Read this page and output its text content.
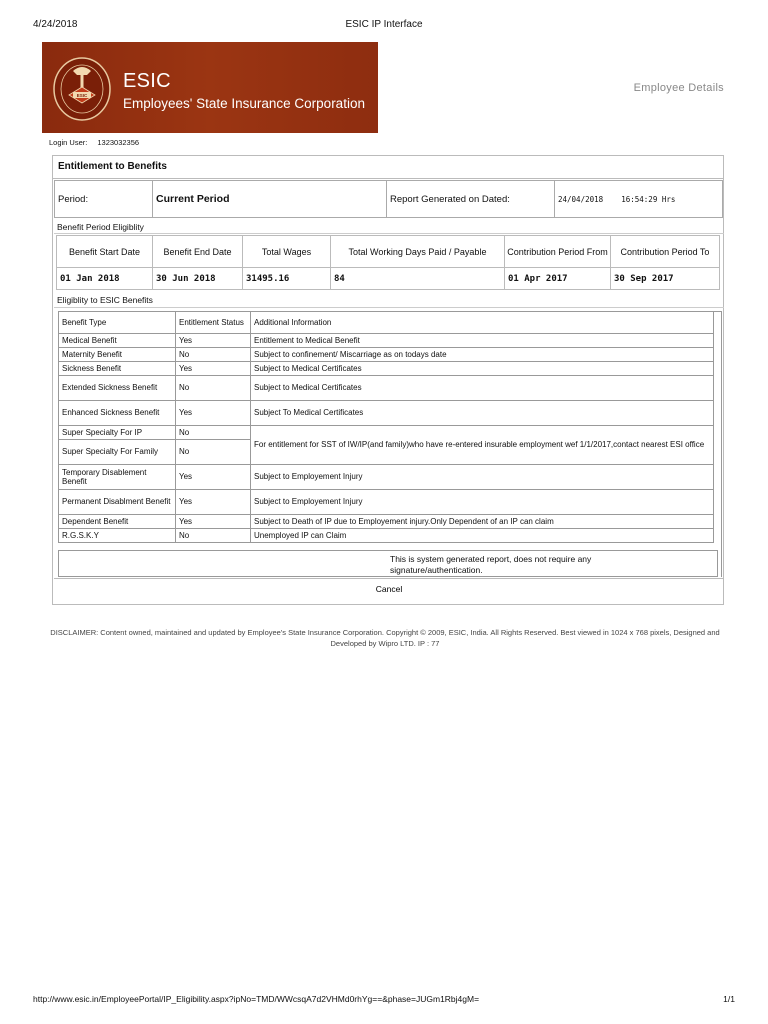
4/24/2018	ESIC IP Interface
ESIC
ESIC
Employees' State Insurance Corporation
Employee Details
Login User: 1323032356
Entitlement to Benefits
Period:	Current Period	Report Generated on Dated:	24/04/2018 16:54:29 Hrs
Benefit Period Eligiblity
Benefit Start Date	Benefit End Date	Total Wages	Total Working Days Paid / Payable	Contribution Period From	Contribution Period To
01 Jan 2018	30 Jun 2018	31495.16	84	01 Apr 2017	30 Sep 2017
Eligiblity to ESIC Benefits
Benefit Type	Entitlement Status	Additional Information
Medical Benefit	Yes	Entitlement to Medical Benefit
Maternity Benefit	No	Subject to confinement/ Miscarriage as on todays date
Sickness Benefit	Yes	Subject to Medical Certificates
Extended Sickness Benefit	No	Subject to Medical Certificates
Enhanced Sickness Benefit	Yes	Subject To Medical Certificates
Super Specialty For IP	No	For entitlement for SST of IW/IP(and family)who have re-entered insurable employment wef 1/1/2017,contact nearest ESI office
Super Specialty For Family	No	
Temporary Disablement Benefit	Yes	Subject to Employement Injury
Permanent Disablment Benefit	Yes	Subject to Employement Injury
Dependent Benefit	Yes	Subject to Death of IP due to Employement injury.Only Dependent of an IP can claim
R.G.S.K.Y	No	Unemployed IP can Claim
This is system generated report, does not require any signature/authentication.
Cancel
DISCLAIMER: Content owned, maintained and updated by Employee's State Insurance Corporation. Copyright © 2009, ESIC, India. All Rights Reserved. Best viewed in 1024 x 768 pixels, Designed and Developed by Wipro LTD. IP : 77
http://www.esic.in/EmployeePortal/IP_Eligibility.aspx?ipNo=TMD/WWcsqA7d2VHMd0rhYg==&phase=JUGm1Rbj4gM=	1/1
